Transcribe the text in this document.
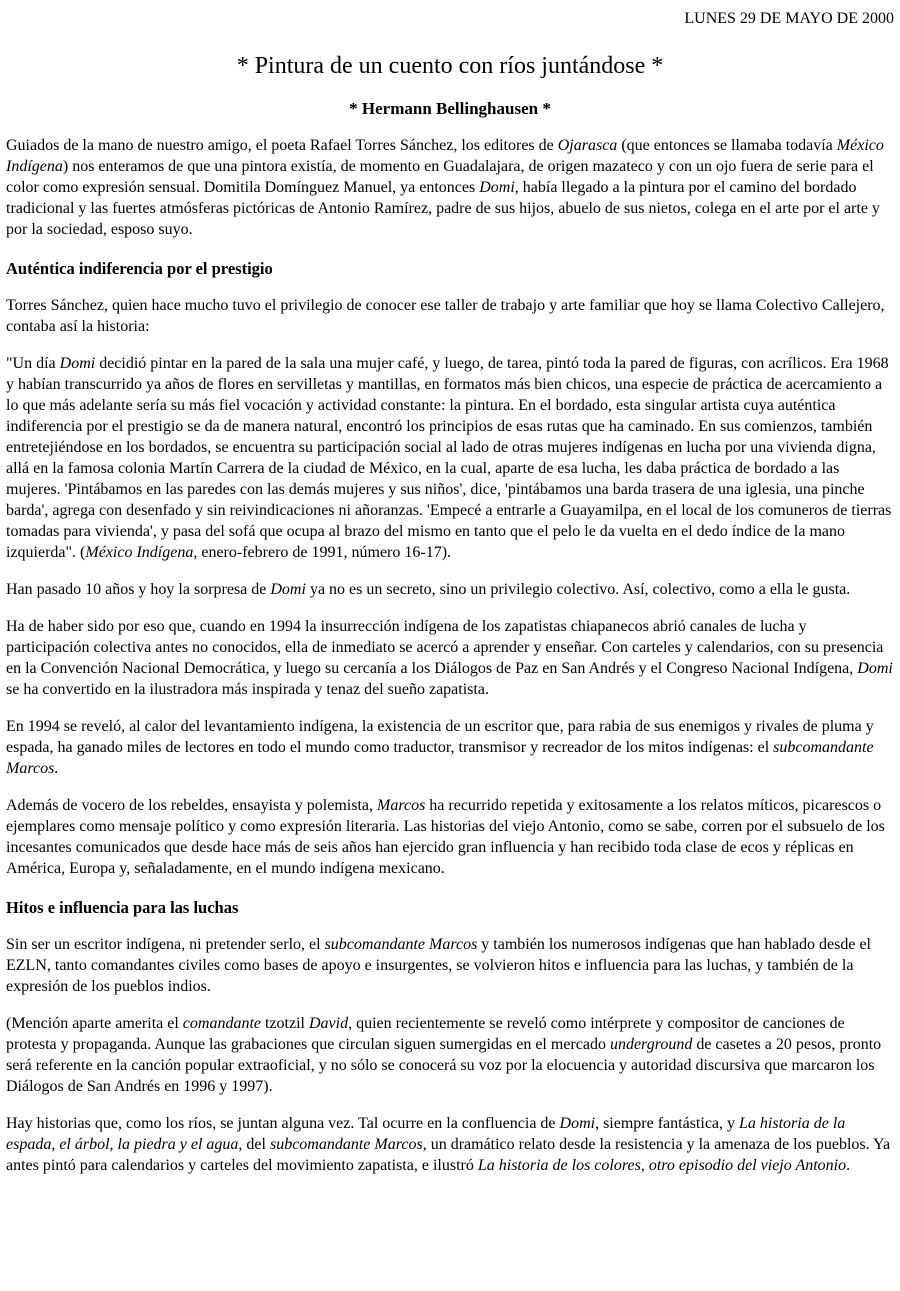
LUNES 29 DE MAYO DE 2000
* Pintura de un cuento con ríos juntándose *
* Hermann Bellinghausen *

Guiados de la mano de nuestro amigo, el poeta Rafael Torres Sánchez, los editores de Ojarasca (que entonces se llamaba todavía México Indígena) nos enteramos de que una pintora existía, de momento en Guadalajara, de origen mazateco y con un ojo fuera de serie para el color como expresión sensual. Domitila Domínguez Manuel, ya entonces Domi, había llegado a la pintura por el camino del bordado tradicional y las fuertes atmósferas pictóricas de Antonio Ramírez, padre de sus hijos, abuelo de sus nietos, colega en el arte por el arte y por la sociedad, esposo suyo.

Auténtica indiferencia por el prestigio

Torres Sánchez, quien hace mucho tuvo el privilegio de conocer ese taller de trabajo y arte familiar que hoy se llama Colectivo Callejero, contaba así la historia:

"Un día Domi decidió pintar en la pared de la sala una mujer café, y luego, de tarea, pintó toda la pared de figuras, con acrílicos. Era 1968 y habían transcurrido ya años de flores en servilletas y mantillas, en formatos más bien chicos, una especie de práctica de acercamiento a lo que más adelante sería su más fiel vocación y actividad constante: la pintura. En el bordado, esta singular artista cuya auténtica indiferencia por el prestigio se da de manera natural, encontró los principios de esas rutas que ha caminado. En sus comienzos, también entretejiéndose en los bordados, se encuentra su participación social al lado de otras mujeres indígenas en lucha por una vivienda digna, allá en la famosa colonia Martín Carrera de la ciudad de México, en la cual, aparte de esa lucha, les daba práctica de bordado a las mujeres. 'Pintábamos en las paredes con las demás mujeres y sus niños', dice, 'pintábamos una barda trasera de una iglesia, una pinche barda', agrega con desenfado y sin reivindicaciones ni añoranzas. 'Empecé a entrarle a Guayamilpa, en el local de los comuneros de tierras tomadas para vivienda', y pasa del sofá que ocupa al brazo del mismo en tanto que el pelo le da vuelta en el dedo índice de la mano izquierda". (México Indígena, enero-febrero de 1991, número 16-17).

Han pasado 10 años y hoy la sorpresa de Domi ya no es un secreto, sino un privilegio colectivo. Así, colectivo, como a ella le gusta.

Ha de haber sido por eso que, cuando en 1994 la insurrección indígena de los zapatistas chiapanecos abrió canales de lucha y participación colectiva antes no conocidos, ella de inmediato se acercó a aprender y enseñar. Con carteles y calendarios, con su presencia en la Convención Nacional Democrática, y luego su cercanía a los Diálogos de Paz en San Andrés y el Congreso Nacional Indígena, Domi se ha convertido en la ilustradora más inspirada y tenaz del sueño zapatista.

En 1994 se reveló, al calor del levantamiento indígena, la existencia de un escritor que, para rabia de sus enemigos y rivales de pluma y espada, ha ganado miles de lectores en todo el mundo como traductor, transmisor y recreador de los mitos indígenas: el subcomandante Marcos.

Además de vocero de los rebeldes, ensayista y polemista, Marcos ha recurrido repetida y exitosamente a los relatos míticos, picarescos o ejemplares como mensaje político y como expresión literaria. Las historias del viejo Antonio, como se sabe, corren por el subsuelo de los incesantes comunicados que desde hace más de seis años han ejercido gran influencia y han recibido toda clase de ecos y réplicas en América, Europa y, señaladamente, en el mundo indígena mexicano.

Hitos e influencia para las luchas

Sin ser un escritor indígena, ni pretender serlo, el subcomandante Marcos y también los numerosos indígenas que han hablado desde el EZLN, tanto comandantes civiles como bases de apoyo e insurgentes, se volvieron hitos e influencia para las luchas, y también de la expresión de los pueblos indios.

(Mención aparte amerita el comandante tzotzil David, quien recientemente se reveló como intérprete y compositor de canciones de protesta y propaganda. Aunque las grabaciones que circulan siguen sumergidas en el mercado underground de casetes a 20 pesos, pronto será referente en la canción popular extraoficial, y no sólo se conocerá su voz por la elocuencia y autoridad discursiva que marcaron los Diálogos de San Andrés en 1996 y 1997).

Hay historias que, como los ríos, se juntan alguna vez. Tal ocurre en la confluencia de Domi, siempre fantástica, y La historia de la espada, el árbol, la piedra y el agua, del subcomandante Marcos, un dramático relato desde la resistencia y la amenaza de los pueblos. Ya antes pintó para calendarios y carteles del movimiento zapatista, e ilustró La historia de los colores, otro episodio del viejo Antonio.
